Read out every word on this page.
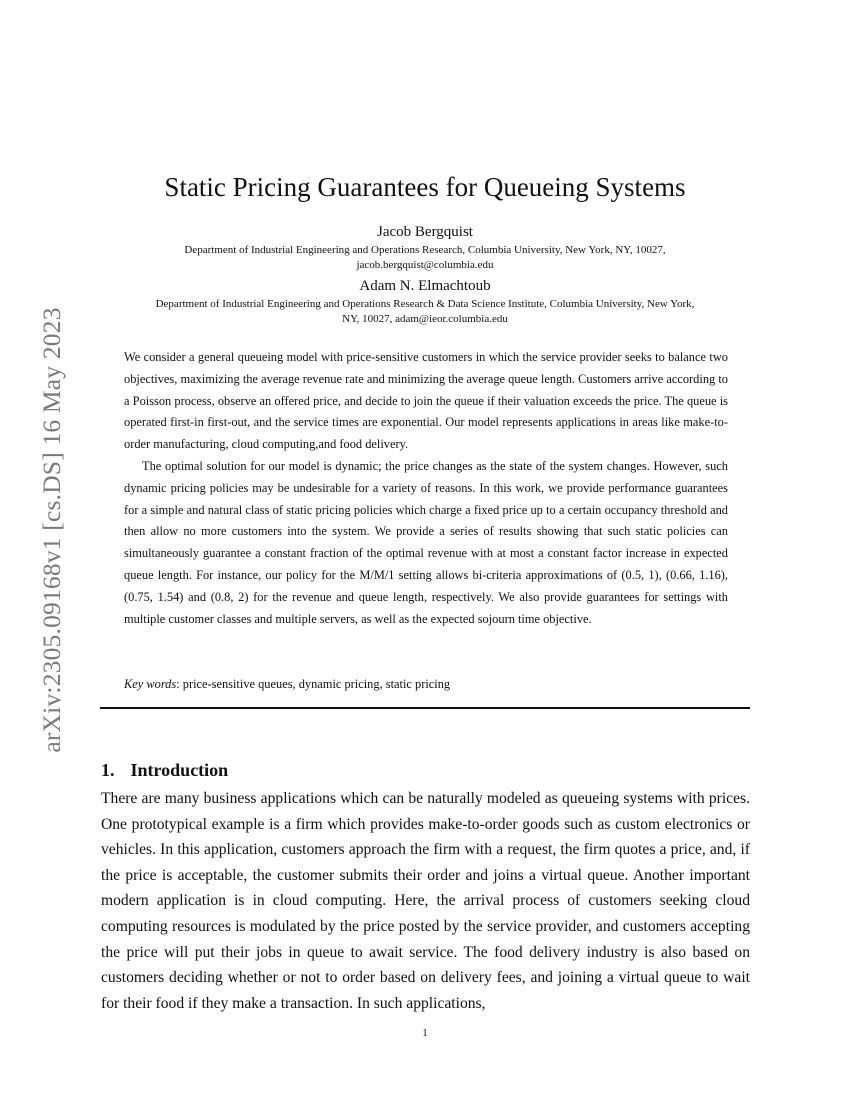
arXiv:2305.09168v1 [cs.DS] 16 May 2023
Static Pricing Guarantees for Queueing Systems
Jacob Bergquist
Department of Industrial Engineering and Operations Research, Columbia University, New York, NY, 10027,
jacob.bergquist@columbia.edu
Adam N. Elmachtoub
Department of Industrial Engineering and Operations Research & Data Science Institute, Columbia University, New York,
NY, 10027, adam@ieor.columbia.edu

We consider a general queueing model with price-sensitive customers in which the service provider seeks to balance two objectives, maximizing the average revenue rate and minimizing the average queue length. Customers arrive according to a Poisson process, observe an offered price, and decide to join the queue if their valuation exceeds the price. The queue is operated first-in first-out, and the service times are exponential. Our model represents applications in areas like make-to-order manufacturing, cloud computing,and food delivery.

The optimal solution for our model is dynamic; the price changes as the state of the system changes. However, such dynamic pricing policies may be undesirable for a variety of reasons. In this work, we provide performance guarantees for a simple and natural class of static pricing policies which charge a fixed price up to a certain occupancy threshold and then allow no more customers into the system. We provide a series of results showing that such static policies can simultaneously guarantee a constant fraction of the optimal revenue with at most a constant factor increase in expected queue length. For instance, our policy for the M/M/1 setting allows bi-criteria approximations of (0.5, 1), (0.66, 1.16), (0.75, 1.54) and (0.8, 2) for the revenue and queue length, respectively. We also provide guarantees for settings with multiple customer classes and multiple servers, as well as the expected sojourn time objective.

Key words: price-sensitive queues, dynamic pricing, static pricing
1. Introduction

There are many business applications which can be naturally modeled as queueing systems with prices. One prototypical example is a firm which provides make-to-order goods such as custom electronics or vehicles. In this application, customers approach the firm with a request, the firm quotes a price, and, if the price is acceptable, the customer submits their order and joins a virtual queue. Another important modern application is in cloud computing. Here, the arrival process of customers seeking cloud computing resources is modulated by the price posted by the service provider, and customers accepting the price will put their jobs in queue to await service. The food delivery industry is also based on customers deciding whether or not to order based on delivery fees, and joining a virtual queue to wait for their food if they make a transaction. In such applications,

1
